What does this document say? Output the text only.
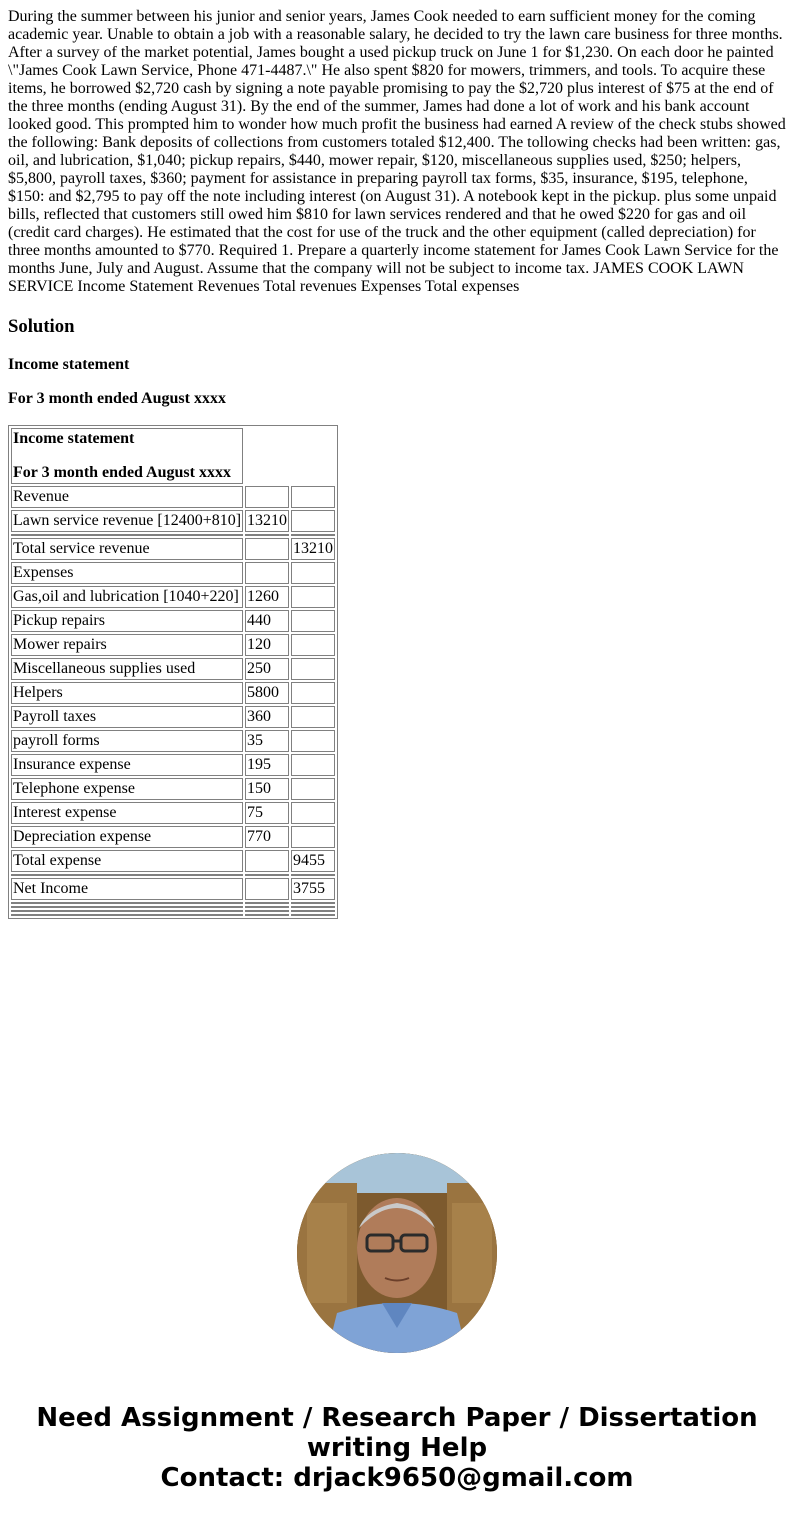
During the summer between his junior and senior years, James Cook needed to earn sufficient money for the coming academic year. Unable to obtain a job with a reasonable salary, he decided to try the lawn care business for three months. After a survey of the market potential, James bought a used pickup truck on June 1 for $1,230. On each door he painted \"James Cook Lawn Service, Phone 471-4487.\" He also spent $820 for mowers, trimmers, and tools. To acquire these items, he borrowed $2,720 cash by signing a note payable promising to pay the $2,720 plus interest of $75 at the end of the three months (ending August 31). By the end of the summer, James had done a lot of work and his bank account looked good. This prompted him to wonder how much profit the business had earned A review of the check stubs showed the following: Bank deposits of collections from customers totaled $12,400. The tollowing checks had been written: gas, oil, and lubrication, $1,040; pickup repairs, $440, mower repair, $120, miscellaneous supplies used, $250; helpers, $5,800, payroll taxes, $360; payment for assistance in preparing payroll tax forms, $35, insurance, $195, telephone, $150: and $2,795 to pay off the note including interest (on August 31). A notebook kept in the pickup. plus some unpaid bills, reflected that customers still owed him $810 for lawn services rendered and that he owed $220 for gas and oil (credit card charges). He estimated that the cost for use of the truck and the other equipment (called depreciation) for three months amounted to $770. Required 1. Prepare a quarterly income statement for James Cook Lawn Service for the months June, July and August. Assume that the company will not be subject to income tax. JAMES COOK LAWN SERVICE Income Statement Revenues Total revenues Expenses Total expenses

Solution
Income statement
For 3 month ended August xxxx
Income statement
For 3 month ended August xxxx		

Revenue		
Lawn service revenue [12400+810]	13210	

Total service revenue		13210
Expenses		
Gas,oil and lubrication [1040+220]	1260	
Pickup repairs	440	
Mower repairs	120	
Miscellaneous supplies used	250	
Helpers	5800	
Payroll taxes	360	
payroll forms	35	
Insurance expense	195	
Telephone expense	150	
Interest expense	75	
Depreciation expense	770	
Total expense		9455

Net Income		3755

Need Assignment / Research Paper / Dissertation
writing Help
Contact: drjack9650@gmail.com
